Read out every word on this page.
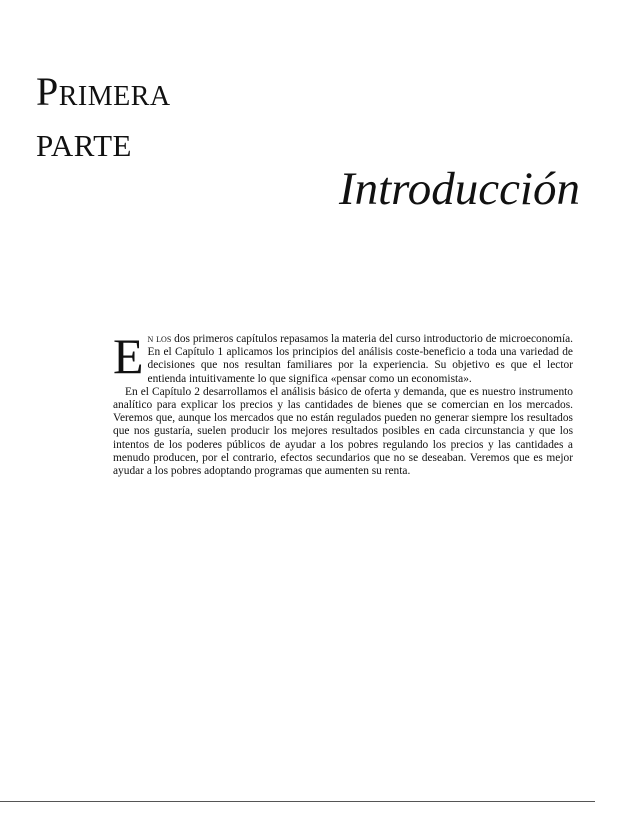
Primera
PARTE
Introducción

En los dos primeros capítulos repasamos la materia del curso introductorio de microeconomía. En el Capítulo 1 aplicamos los principios del análisis coste-beneficio a toda una variedad de decisiones que nos resultan familiares por la experiencia. Su objetivo es que el lector entienda intuitivamente lo que significa «pensar como un economista».

En el Capítulo 2 desarrollamos el análisis básico de oferta y demanda, que es nuestro instrumento analítico para explicar los precios y las cantidades de bienes que se comercian en los mercados. Veremos que, aunque los mercados que no están regulados pueden no generar siempre los resultados que nos gustaría, suelen producir los mejores resultados posibles en cada circunstancia y que los intentos de los poderes públicos de ayudar a los pobres regulando los precios y las cantidades a menudo producen, por el contrario, efectos secundarios que no se deseaban. Veremos que es mejor ayudar a los pobres adoptando programas que aumenten su renta.
